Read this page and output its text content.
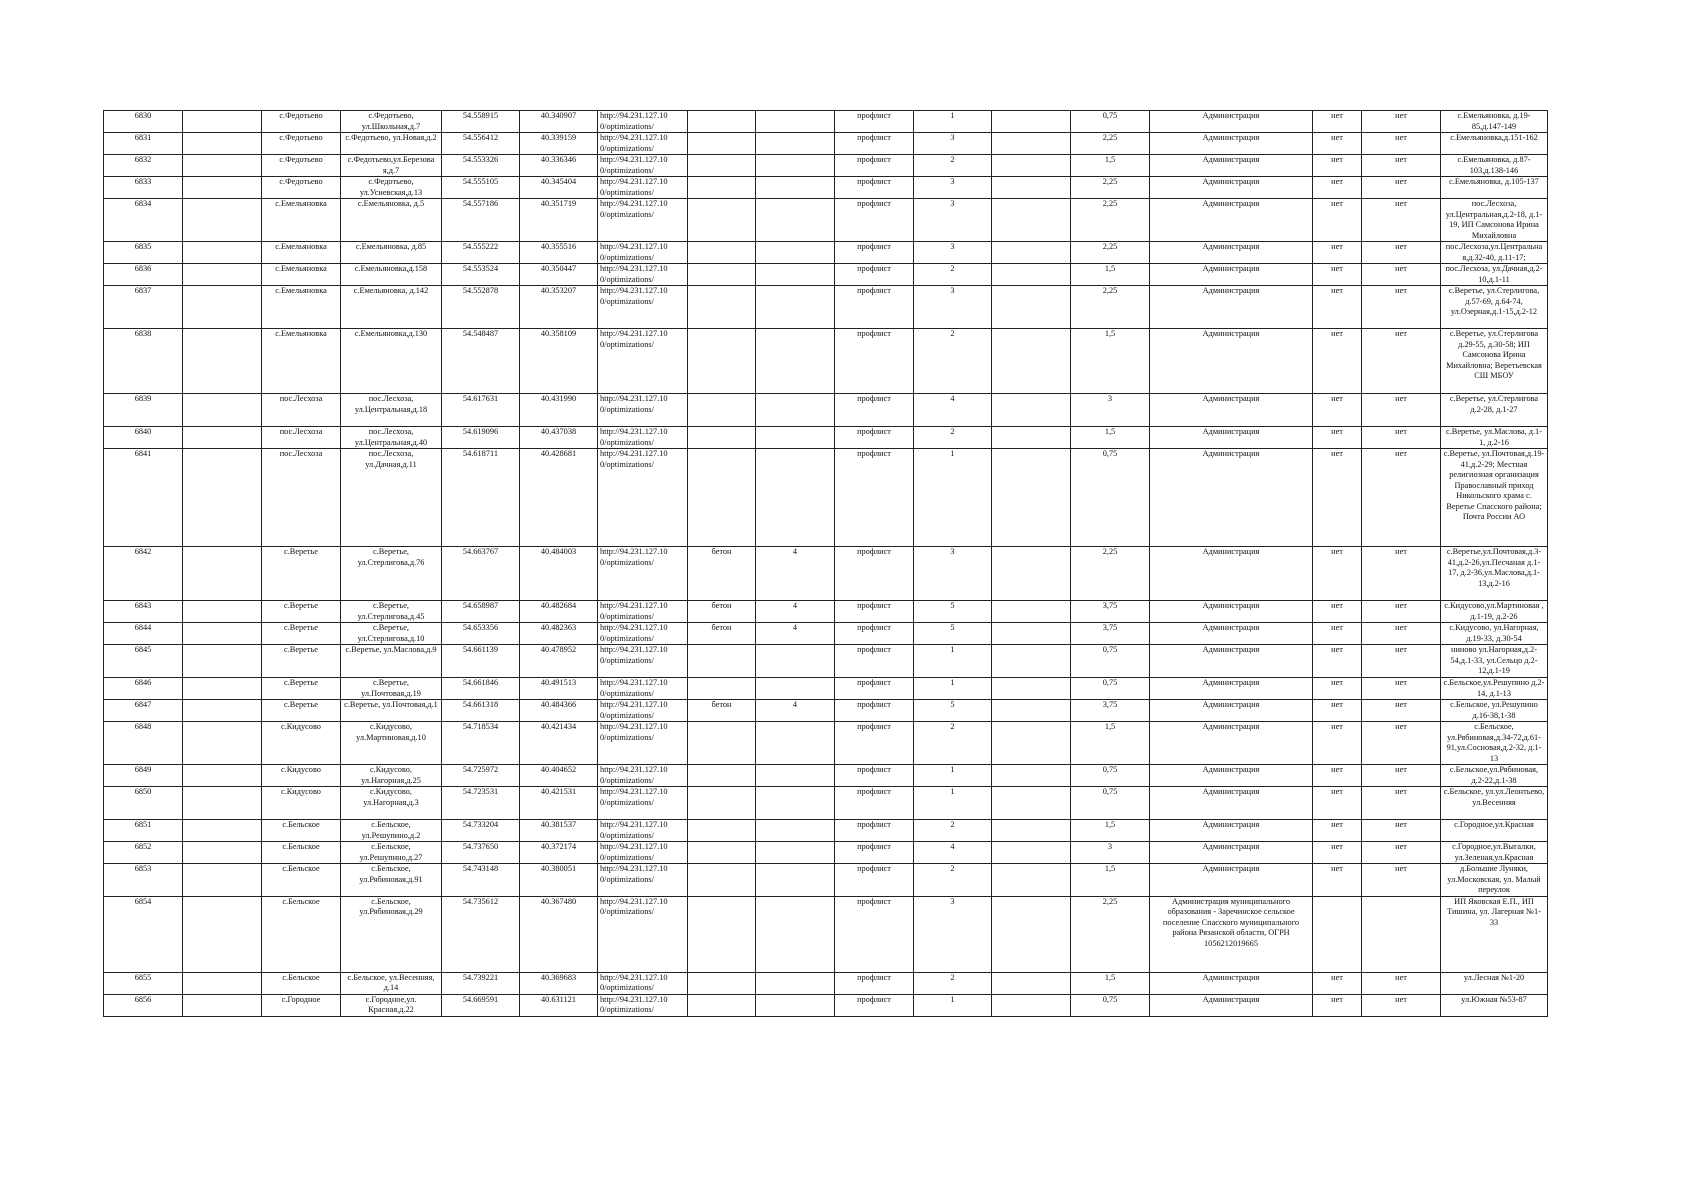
6830		с.Федотьево	с.Федотьево, ул.Школьная,д.7	54.558915	40.340907	http://94.231.127.10 0/optimizations/			профлист	1		0,75	Администрация	нет	нет	с.Емельяновка, д.19-85,д.147-149
6831		с.Федотьево	с.Федотьево, ул.Новая,д.2	54.556412	40.339159	http://94.231.127.10 0/optimizations/			профлист	3		2,25	Администрация	нет	нет	с.Емельяновка,д.151-162
6832		с.Федотьево	с.Федотьево,ул.Березова я,д.7	54.553326	40.336346	http://94.231.127.10 0/optimizations/			профлист	2		1,5	Администрация	нет	нет	с.Емельяновка, д.87-103,д.138-146
6833		с.Федотьево	с.Федотьево, ул.Усиевская,д.13	54.555105	40.345404	http://94.231.127.10 0/optimizations/			профлист	3		2,25	Администрация	нет	нет	с.Емельяновка, д.105-137
6834		с.Емельяновка	с.Емельяновка, д.5	54.557186	40.351719	http://94.231.127.10 0/optimizations/			профлист	3		2,25	Администрация	нет	нет	пос.Лесхоза, ул.Центральная,д.2-18, д.1-19, ИП Самсонова Ирина Михайловна
6835		с.Емельяновка	с.Емельяновка, д.85	54.555222	40.355516	http://94.231.127.10 0/optimizations/			профлист	3		2,25	Администрация	нет	нет	пос.Лесхоза,ул.Центральна я,д.32-40, д.11-17;
6836		с.Емельяновка	с.Емельяновка,д.158	54.553524	40.350447	http://94.231.127.10 0/optimizations/			профлист	2		1,5	Администрация	нет	нет	пос.Лесхоза, ул.Дачная,д.2-10,д.1-11
6837		с.Емельяновка	с.Емельяновка, д.142	54.552878	40.353207	http://94.231.127.10 0/optimizations/			профлист	3		2,25	Администрация	нет	нет	с.Веретье, ул.Стерлигова, д.57-69, д.64-74, ул.Озерная,д.1-15,д.2-12
6838		с.Емельяновка	с.Емельяновка,д.130	54.548487	40.358109	http://94.231.127.10 0/optimizations/			профлист	2		1,5	Администрация	нет	нет	с.Веретье, ул.Стерлигова д.29-55, д.30-58; ИП Самсонова Ирина Михайловна; Веретьевская СШ МБОУ
6839		пос.Лесхоза	пос.Лесхоза, ул.Центральная,д.18	54.617631	40.431990	http://94.231.127.10 0/optimizations/			профлист	4		3	Администрация	нет	нет	с.Веретье, ул.Стерлигова д.2-28, д.1-27
6840		пос.Лесхоза	пос.Лесхоза, ул.Центральная,д.40	54.619096	40.437038	http://94.231.127.10 0/optimizations/			профлист	2		1,5	Администрация	нет	нет	с.Веретье, ул.Маслова, д.1-1, д.2-16
6841		пос.Лесхоза	пос.Лесхоза, ул.Дачная,д.11	54.618711	40.428681	http://94.231.127.10 0/optimizations/			профлист	1		0,75	Администрация	нет	нет	с.Веретье, ул.Почтовая,д.19-41,д.2-29; Местная религиозная организация Православный приход Никольского храма с. Веретье Спасского района; Почта России АО
6842		с.Веретье	с.Веретье, ул.Стерлигова,д.76	54.663767	40.484003	http://94.231.127.10 0/optimizations/	бетон	4	профлист	3		2,25	Администрация	нет	нет	с.Веретье,ул.Почтовая,д.3-41,д.2-26,ул.Песчаная д.1-17, д.2-36,ул.Маслова,д.1-13,д.2-16
6843		с.Веретье	с.Веретье, ул.Стерлигова,д.45	54.658987	40.482684	http://94.231.127.10 0/optimizations/	бетон	4	профлист	5		3,75	Администрация	нет	нет	с.Кидусово,ул.Мартиновая , д.1-19, д.2-26
6844		с.Веретье	с.Веретье, ул.Стерлигова,д.10	54.653356	40.482363	http://94.231.127.10 0/optimizations/	бетон	4	профлист	5		3,75	Администрация	нет	нет	с.Кидусово, ул.Нагорная, д.19-33, д.30-54
6845		с.Веретье	с.Веретье, ул.Маслова,д.9	54.661139	40.478952	http://94.231.127.10 0/optimizations/			профлист	1		0,75	Администрация	нет	нет	ниново ул.Нагорная,д.2-54,д.1-33, ул.Сельцо д.2-12,д.1-19
6846		с.Веретье	с.Веретье, ул.Почтовая,д.19	54.661846	40.491513	http://94.231.127.10 0/optimizations/			профлист	1		0,75	Администрация	нет	нет	с.Бельское,ул.Решупино д.2-14, д.1-13
6847		с.Веретье	с.Веретье, ул.Почтовая,д.1	54.661318	40.484366	http://94.231.127.10 0/optimizations/	бетон	4	профлист	5		3,75	Администрация	нет	нет	с.Бельское, ул.Решупино д.16-38,1-38
6848		с.Кидусово	с.Кидусово, ул.Мартиновая,д.10	54.718534	40.421434	http://94.231.127.10 0/optimizations/			профлист	2		1,5	Администрация	нет	нет	с.Бельское, ул.Рябиновая,д.34-72,д.61-91,ул.Сосновая,д.2-32, д.1-13
6849		с.Кидусово	с.Кидусово, ул.Нагорная,д.25	54.725972	40.404652	http://94.231.127.10 0/optimizations/			профлист	1		0,75	Администрация	нет	нет	с.Бельское,ул.Рябиновая, д.2-22,д.1-38
6850		с.Кидусово	с.Кидусово, ул.Нагорная,д.3	54.723531	40.421531	http://94.231.127.10 0/optimizations/			профлист	1		0,75	Администрация	нет	нет	с.Бельское, ул.ул.Леонтьево, ул.Весенняя
6851		с.Бельское	с.Бельское, ул.Решупино,д.2	54.733204	40.381537	http://94.231.127.10 0/optimizations/			профлист	2		1,5	Администрация	нет	нет	с.Городное,ул.Красная
6852		с.Бельское	с.Бельское, ул.Решупино,д.27	54.737650	40.372174	http://94.231.127.10 0/optimizations/			профлист	4		3	Администрация	нет	нет	с.Городное,ул.Выгалки, ул.Зеленая,ул.Красная
6853		с.Бельское	с.Бельское, ул.Рябиновая,д.91	54.743148	40.380051	http://94.231.127.10 0/optimizations/			профлист	2		1,5	Администрация	нет	нет	д.Большие Луняки, ул.Московская, ул. Малый переулок
6854		с.Бельское	с.Бельское, ул.Рябиновая,д.29	54.735612	40.367480	http://94.231.127.10 0/optimizations/			профлист	3		2,25	Администрация муниципального образования - Заречинское сельское поселение Спасского муниципального района Рязанской области, ОГРН 1056212019665			ИП Яковская Е.П., ИП Тишина, ул. Лагерная №1-33
6855		с.Бельское	с.Бельское, ул.Весенняя, д.14	54.739221	40.369683	http://94.231.127.10 0/optimizations/			профлист	2		1,5	Администрация	нет	нет	ул.Лесная №1-20
6856		с.Городное	с.Городное,ул. Красная,д.22	54.669591	40.631121	http://94.231.127.10 0/optimizations/			профлист	1		0,75	Администрация	нет	нет	ул.Южная №53-87
